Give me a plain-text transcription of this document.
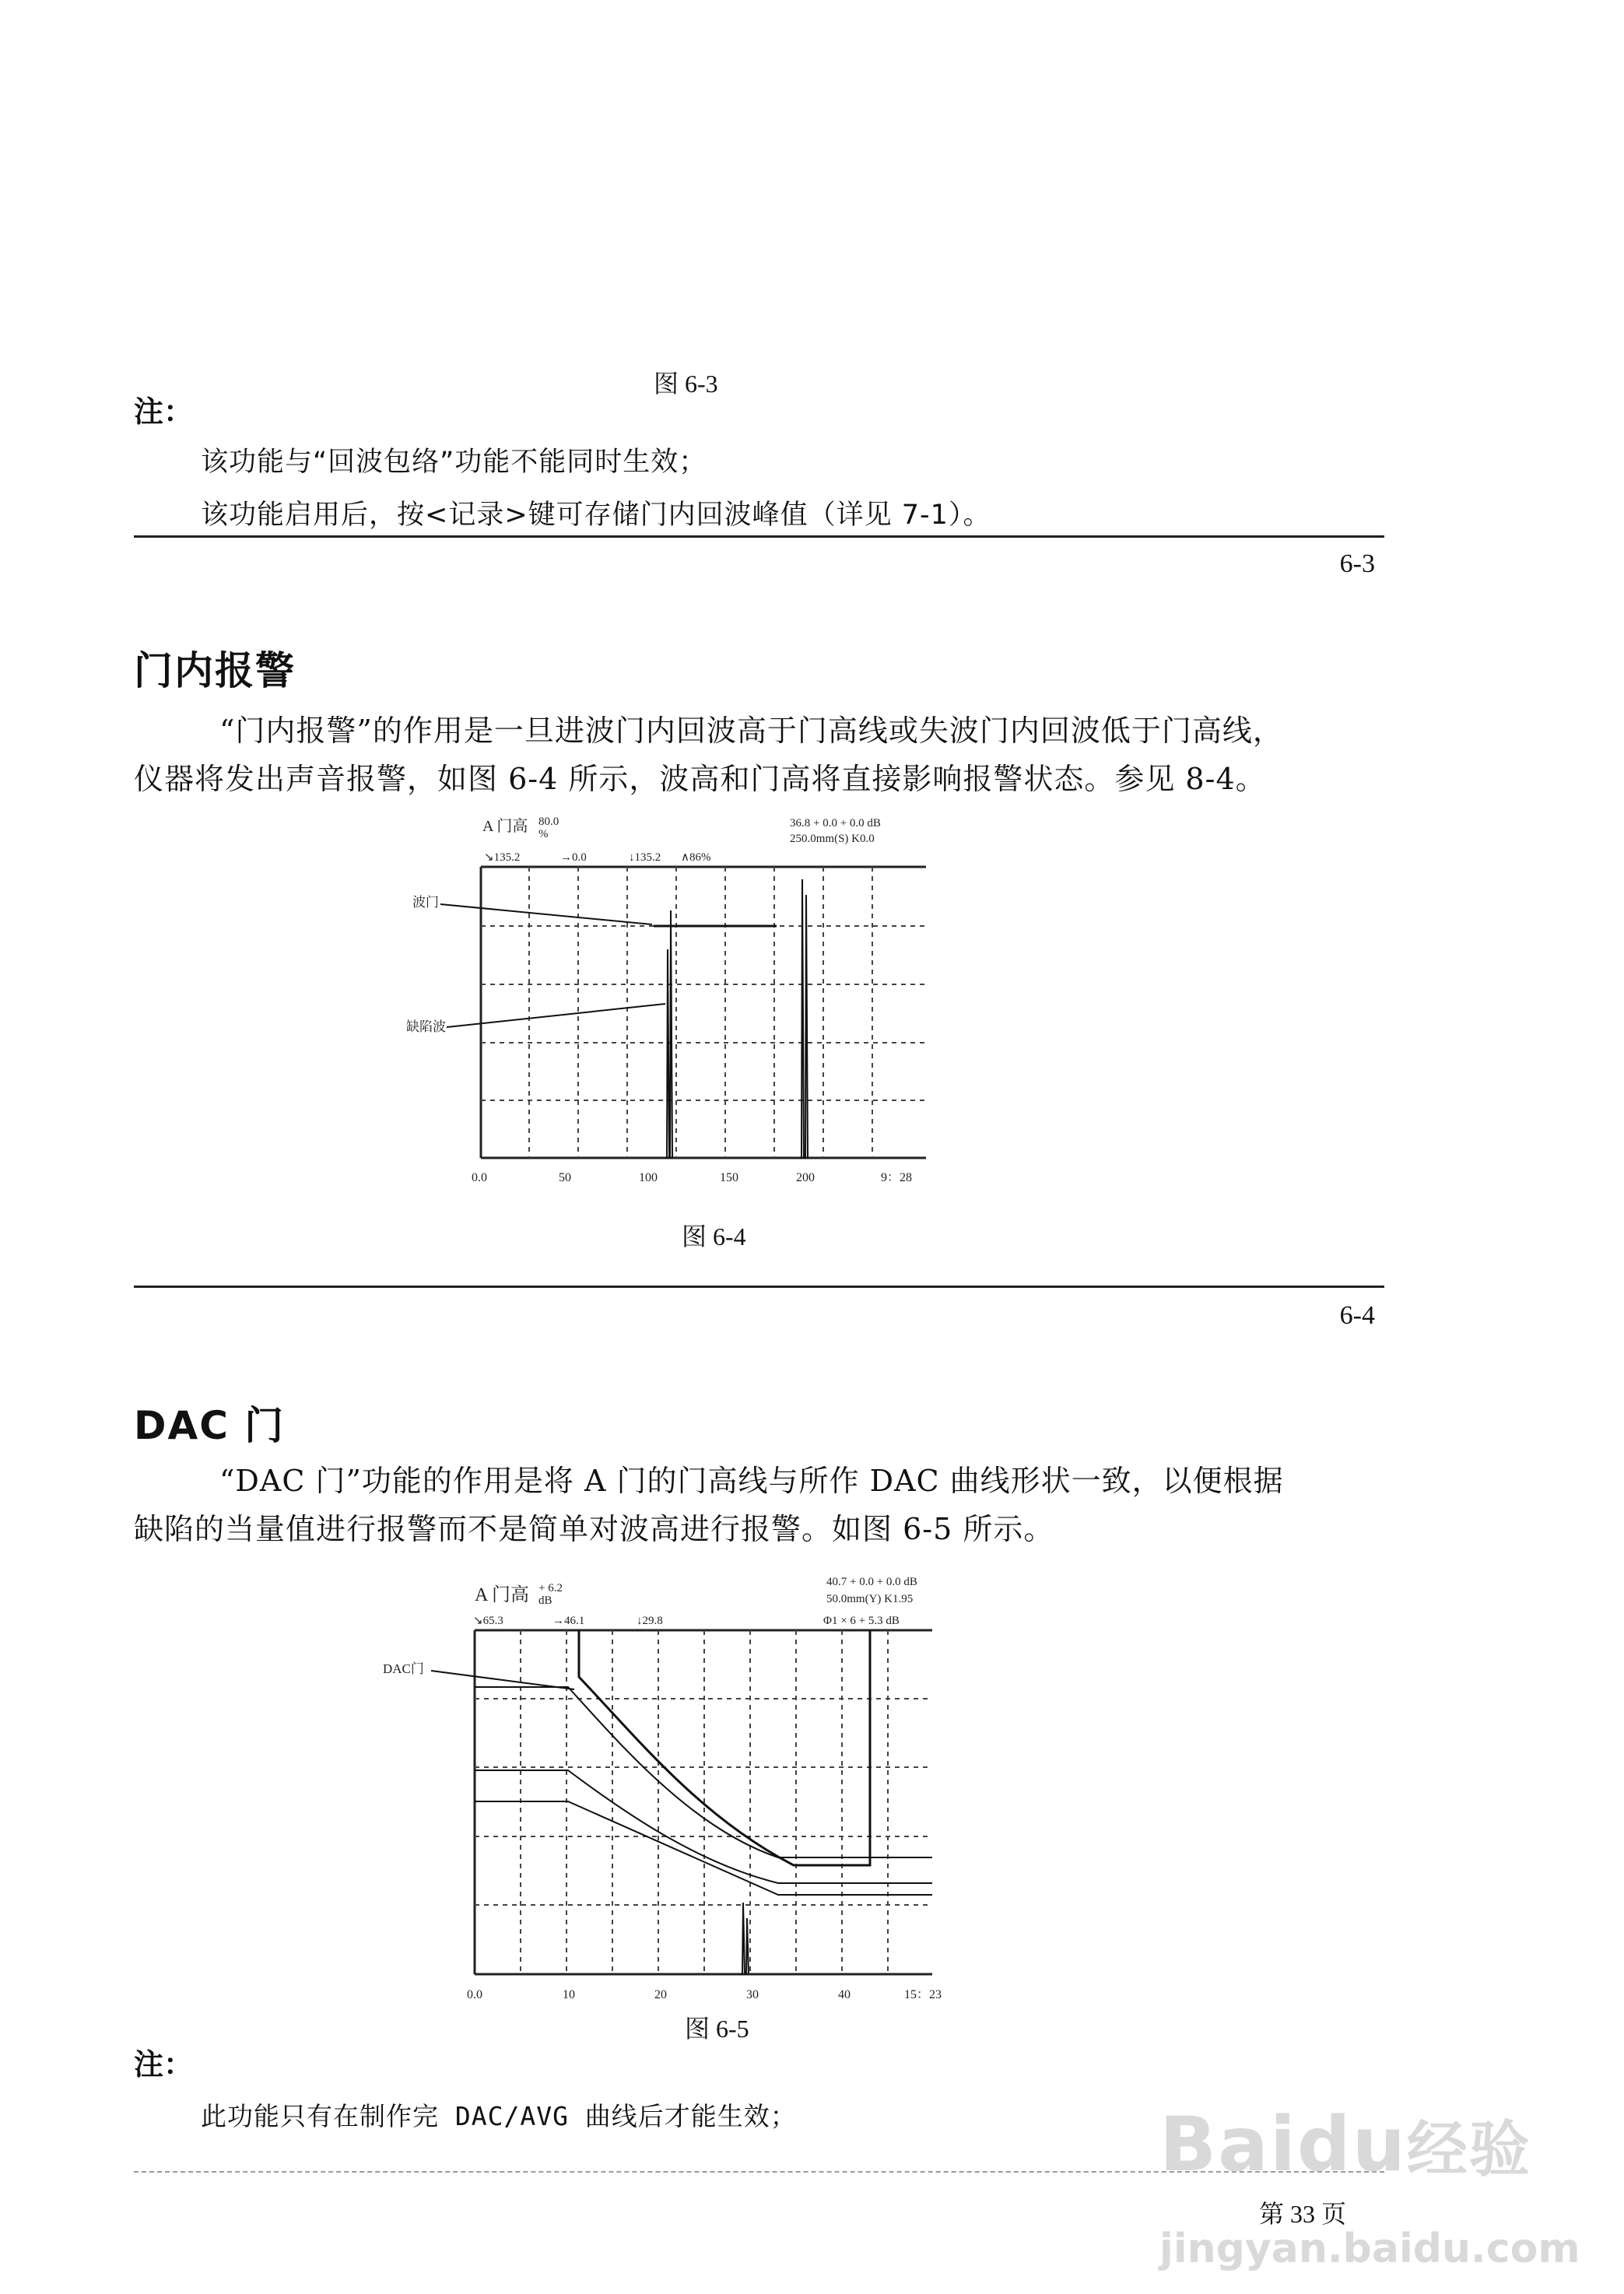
图 6-3
注：
该功能与“回波包络”功能不能同时生效；
该功能启用后，按<记录>键可存储门内回波峰值（详见 7-1）。
6-3
门内报警
“门内报警”的作用是一旦进波门内回波高于门高线或失波门内回波低于门高线，
仪器将发出声音报警，如图 6-4 所示，波高和门高将直接影响报警状态。参见 8-4。
A 门高 80.0
%
36.8 + 0.0 + 0.0 dB
250.0mm(S) K0.0
↘135.2	→0.0	↓135.2 ∧86%
波门
缺陷波
0.0	50	100	150	200	9：28
图 6-4
6-4
DAC 门
“DAC 门”功能的作用是将 A 门的门高线与所作 DAC 曲线形状一致，以便根据
缺陷的当量值进行报警而不是简单对波高进行报警。如图 6-5 所示。
A 门高 + 6.2
dB
40.7 + 0.0 + 0.0 dB
50.0mm(Y) K1.95
Φ1 × 6 + 5.3 dB
↘65.3	→46.1	↓29.8
DAC门
0.0	10	20	30	40	15：23
图 6-5
注：
此功能只有在制作完 DAC/AVG 曲线后才能生效；
第 33 页
Baidu经验
jingyan.baidu.com
